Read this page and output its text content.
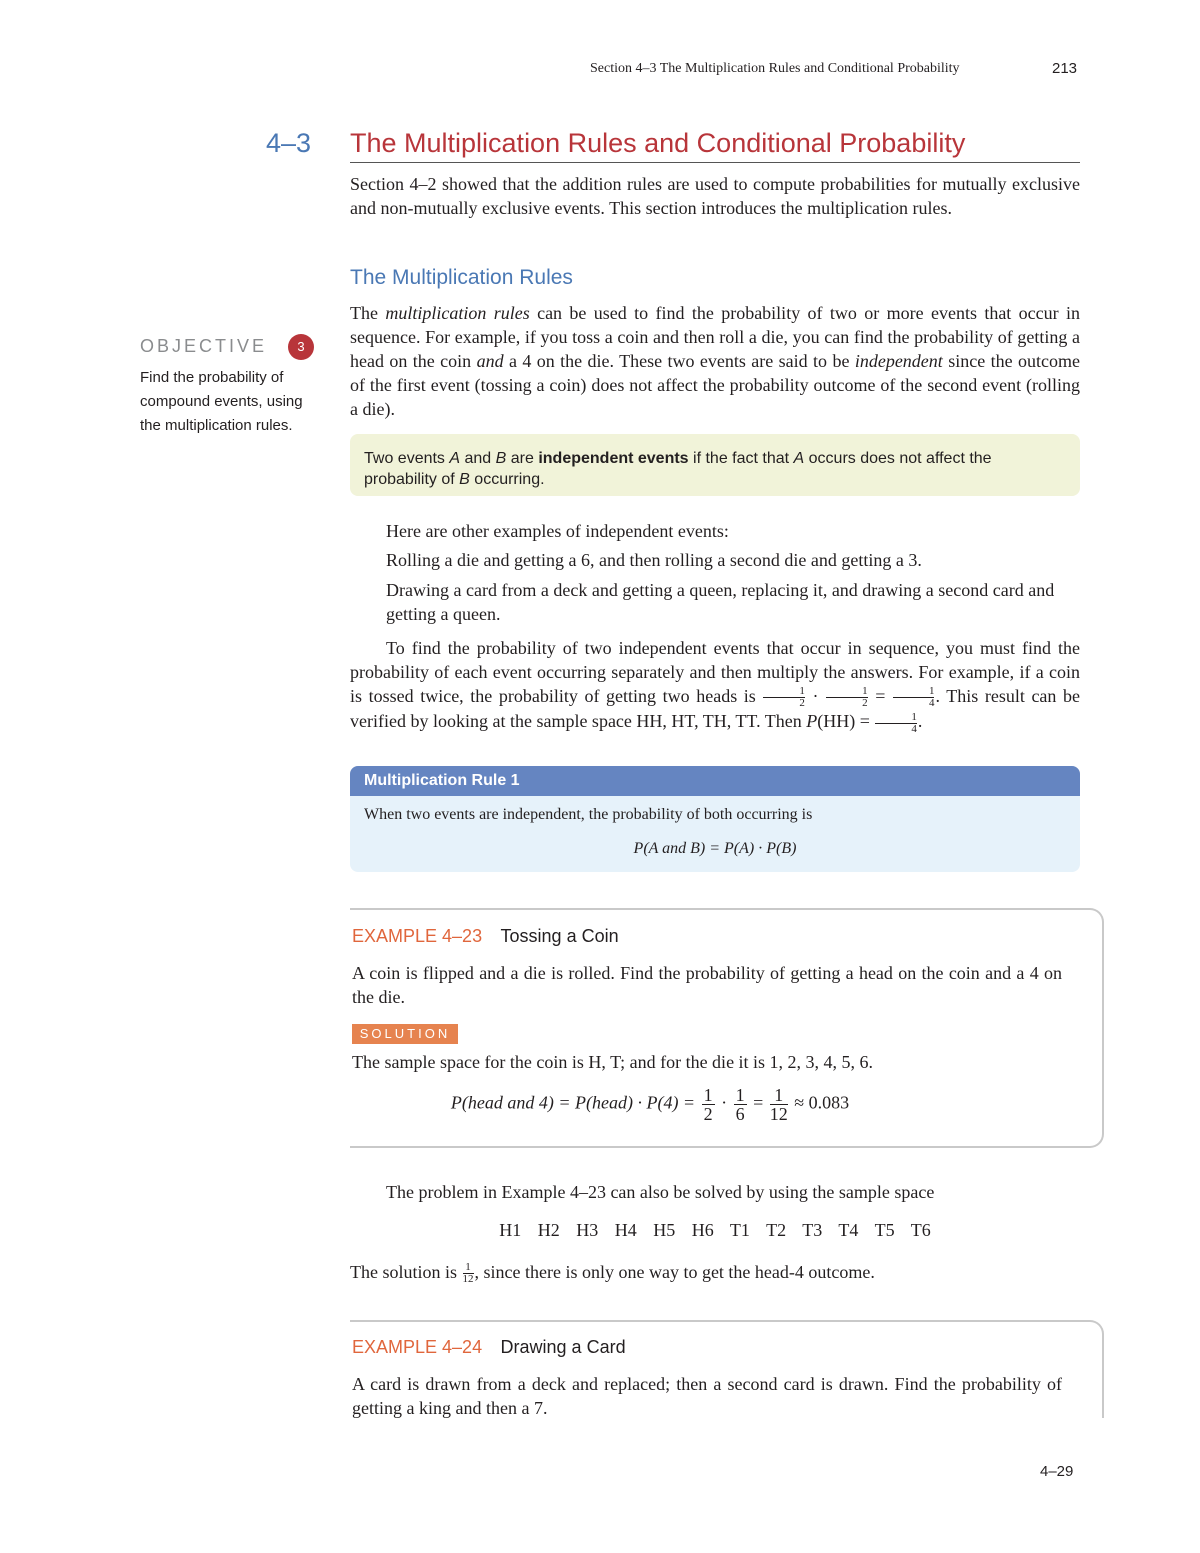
Section 4–3 The Multiplication Rules and Conditional Probability	213
4–3 The Multiplication Rules and Conditional Probability
Section 4–2 showed that the addition rules are used to compute probabilities for mutually exclusive and non-mutually exclusive events. This section introduces the multiplication rules.
The Multiplication Rules
The multiplication rules can be used to find the probability of two or more events that occur in sequence. For example, if you toss a coin and then roll a die, you can find the probability of getting a head on the coin and a 4 on the die. These two events are said to be independent since the outcome of the first event (tossing a coin) does not affect the probability outcome of the second event (rolling a die).
OBJECTIVE	3
Find the probability of compound events, using the multiplication rules.
Two events A and B are independent events if the fact that A occurs does not affect the probability of B occurring.
Here are other examples of independent events:
Rolling a die and getting a 6, and then rolling a second die and getting a 3.
Drawing a card from a deck and getting a queen, replacing it, and drawing a second card and getting a queen.
To find the probability of two independent events that occur in sequence, you must find the probability of each event occurring separately and then multiply the answers. For example, if a coin is tossed twice, the probability of getting two heads is $\frac{1}{2} \cdot \frac{1}{2} = \frac{1}{4}$ . This result can be verified by looking at the sample space HH, HT, TH, TT. Then $P(HH) = \frac{1}{4}$ .
Multiplication Rule 1
When two events are independent, the probability of both occurring is
P(A and B) = P(A) · P(B)
EXAMPLE 4–23 Tossing a Coin
A coin is flipped and a die is rolled. Find the probability of getting a head on the coin and a 4 on the die.
SOLUTION
The sample space for the coin is H, T; and for the die it is 1, 2, 3, 4, 5, 6.
P(head and 4) = P(head) · $P(4) = \frac{1}{2} \cdot \frac{1}{6} = \frac{1}{12} \approx 0.083$
The problem in Example 4–23 can also be solved by using the sample space
H1 H2 H3 H4 H5 H6 T1 T2 T3 T4 T5 T6
The solution is $\frac{1}{12}$ , since there is only one way to get the head-4 outcome.
EXAMPLE 4–24 Drawing a Card
A card is drawn from a deck and replaced; then a second card is drawn. Find the probability of getting a king and then a 7.
4–29
